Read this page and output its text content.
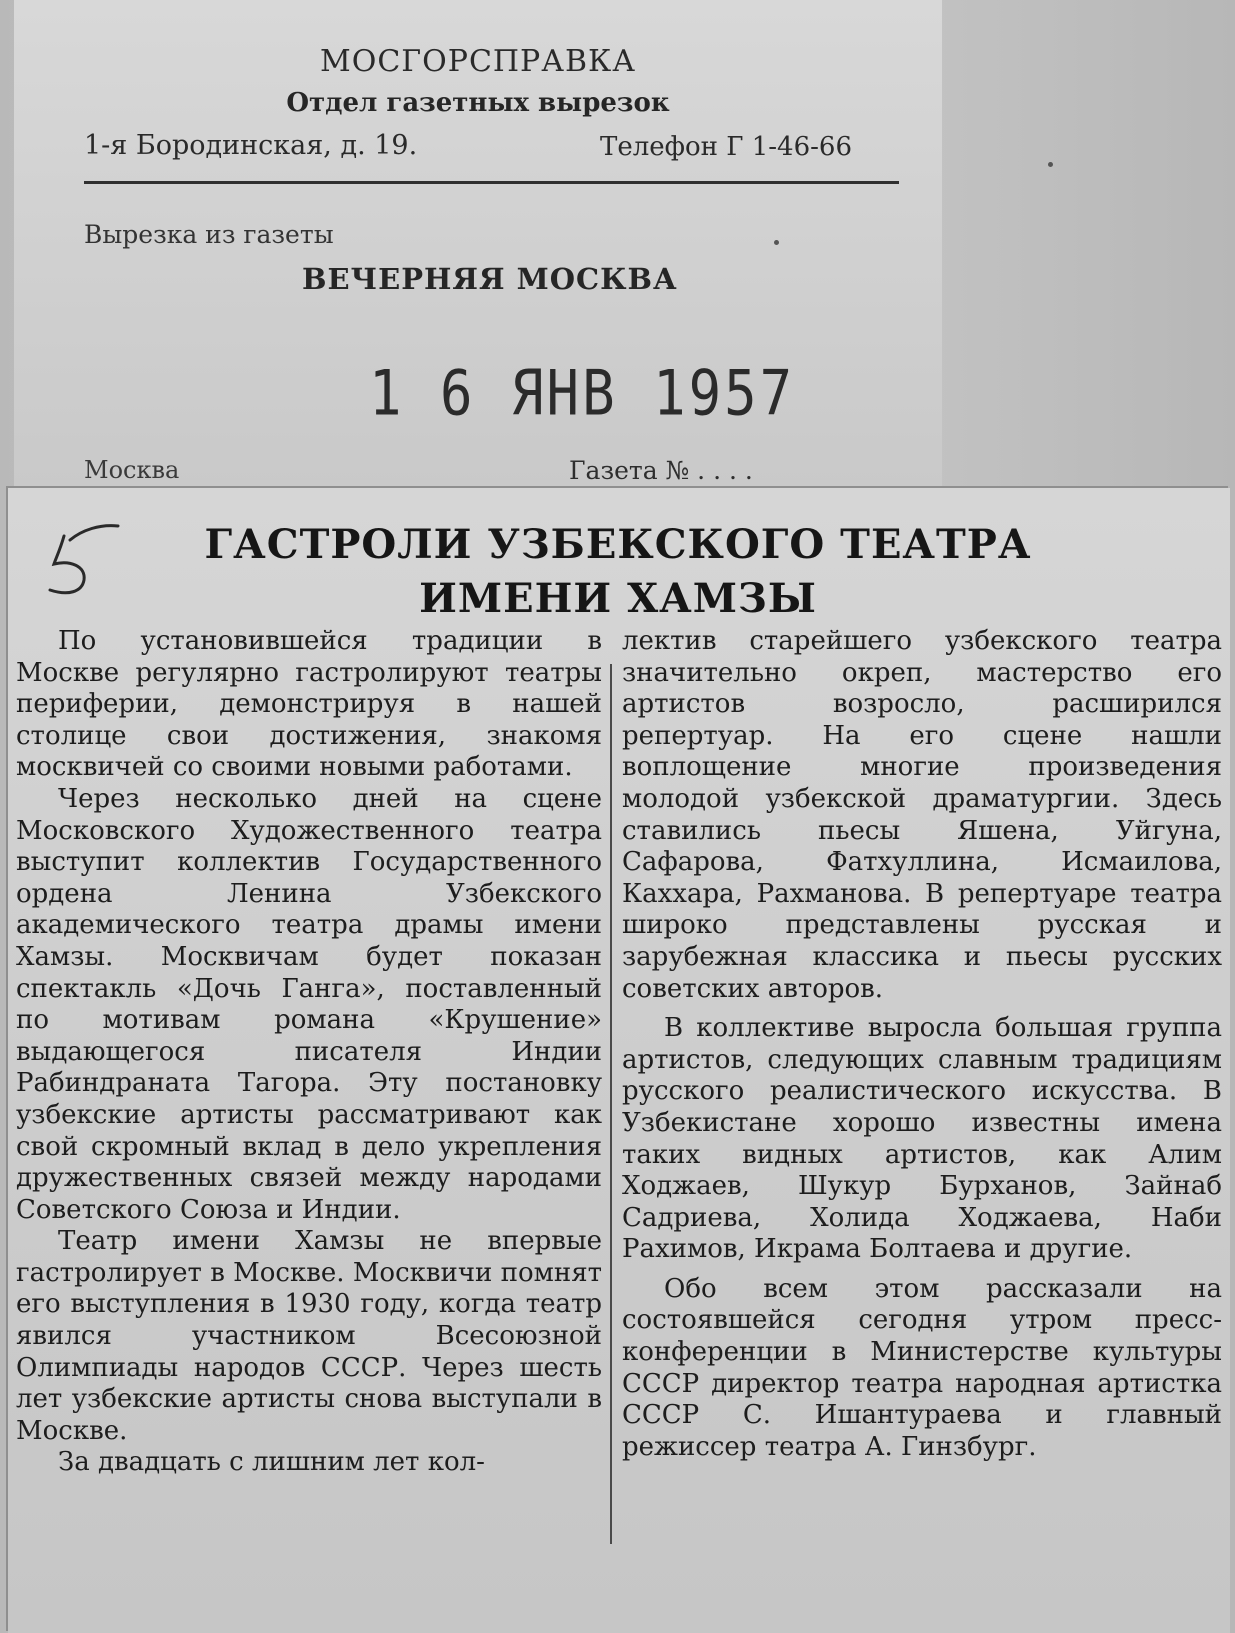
МОСГОРСПРАВКА
Отдел газетных вырезок
1-я Бородинская, д. 19.	Телефон Г 1-46-66
Вырезка из газеты
ВЕЧЕРНЯЯ МОСКВА
1 6 ЯНВ 1957
Москва	Газета № . . . .
ГАСТРОЛИ УЗБЕКСКОГО ТЕАТРА
ИМЕНИ ХАМЗЫ

По установившейся традиции в Москве регулярно гастролируют театры периферии, демонстрируя в нашей столице свои достижения, знакомя москвичей со своими новыми работами.

Через несколько дней на сцене Московского Художественного театра выступит коллектив Государственного ордена Ленина Узбекского академического театра драмы имени Хамзы. Москвичам будет показан спектакль «Дочь Ганга», поставленный по мотивам романа «Крушение» выдающегося писателя Индии Рабиндраната Тагора. Эту постановку узбекские артисты рассматривают как свой скромный вклад в дело укрепления дружественных связей между народами Советского Союза и Индии.

Театр имени Хамзы не впервые гастролирует в Москве. Москвичи помнят его выступления в 1930 году, когда театр явился участником Всесоюзной Олимпиады народов СССР. Через шесть лет узбекские артисты снова выступали в Москве.

За двадцать с лишним лет кол-

лектив старейшего узбекского театра значительно окреп, мастерство его артистов возросло, расширился репертуар. На его сцене нашли воплощение многие произведения молодой узбекской драматургии. Здесь ставились пьесы Яшена, Уйгуна, Сафарова, Фатхуллина, Исмаилова, Каххара, Рахманова. В репертуаре театра широко представлены русская и зарубежная классика и пьесы русских советских авторов.

В коллективе выросла большая группа артистов, следующих славным традициям русского реалистического искусства. В Узбекистане хорошо известны имена таких видных артистов, как Алим Ходжаев, Шукур Бурханов, Зайнаб Садриева, Холида Ходжаева, Наби Рахимов, Икрама Болтаева и другие.

Обо всем этом рассказали на состоявшейся сегодня утром пресс-конференции в Министерстве культуры СССР директор театра народная артистка СССР С. Ишантураева и главный режиссер театра А. Гинзбург.
